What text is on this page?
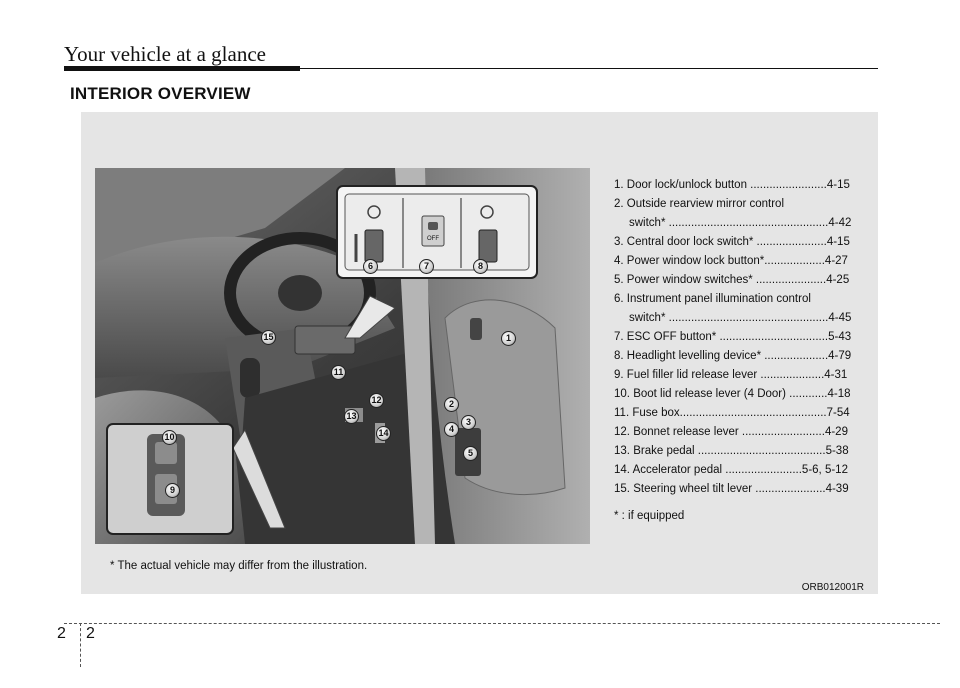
Your vehicle at a glance
INTERIOR OVERVIEW
OFF
6	7	8
1
2
3
4
5
15
11
12
13
14
10
9
1. Door lock/unlock button ........................4-15
2. Outside rearview mirror control
switch* ..................................................4-42
3. Central door lock switch* ......................4-15
4. Power window lock button*...................4-27
5. Power window switches* ......................4-25
6. Instrument panel illumination control
switch* ..................................................4-45
7. ESC OFF button* ..................................5-43
8. Headlight levelling device* ....................4-79
9. Fuel filler lid release lever ....................4-31
10. Boot lid release lever (4 Door) ............4-18
11. Fuse box..............................................7-54
12. Bonnet release lever ..........................4-29
13. Brake pedal ........................................5-38
14. Accelerator pedal ........................5-6, 5-12
15. Steering wheel tilt lever ......................4-39
* : if equipped
* The actual vehicle may differ from the illustration.
ORB012001R
2 2
